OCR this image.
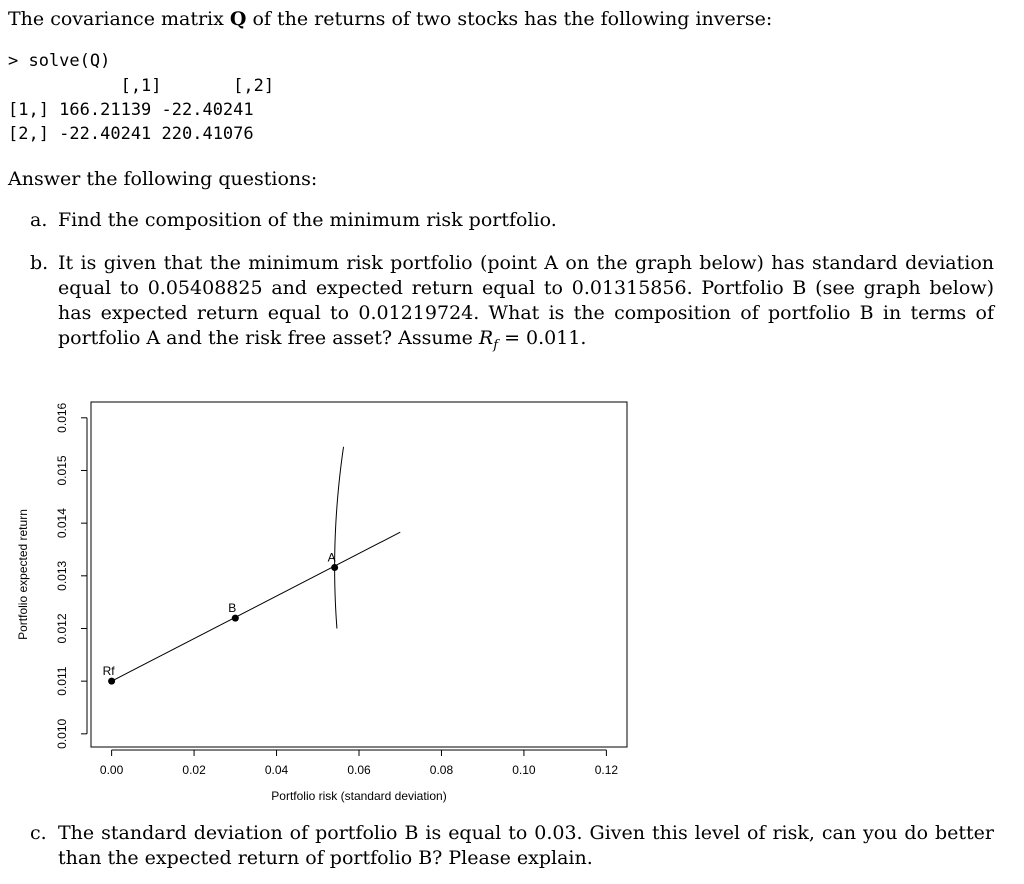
The covariance matrix Q of the returns of two stocks has the following inverse:
> solve(Q)
[,1]       [,2]
[1,] 166.21139 -22.40241
[2,] -22.40241 220.41076
Answer the following questions:
a. Find the composition of the minimum risk portfolio.
b. It is given that the minimum risk portfolio (point A on the graph below) has standard deviation equal to 0.05408825 and expected return equal to 0.01315856. Portfolio B (see graph below) has expected return equal to 0.01219724. What is the composition of portfolio B in terms of portfolio A and the risk free asset? Assume $R_f = 0.011$.
0.00	0.02	0.04	0.06	0.08	0.10	0.12
Portfolio risk (standard deviation)
0.010
0.011
0.012
0.013
0.014
0.015
0.016
Portfolio expected return
Rf
B
A
c. The standard deviation of portfolio B is equal to 0.03. Given this level of risk, can you do better than the expected return of portfolio B? Please explain.
